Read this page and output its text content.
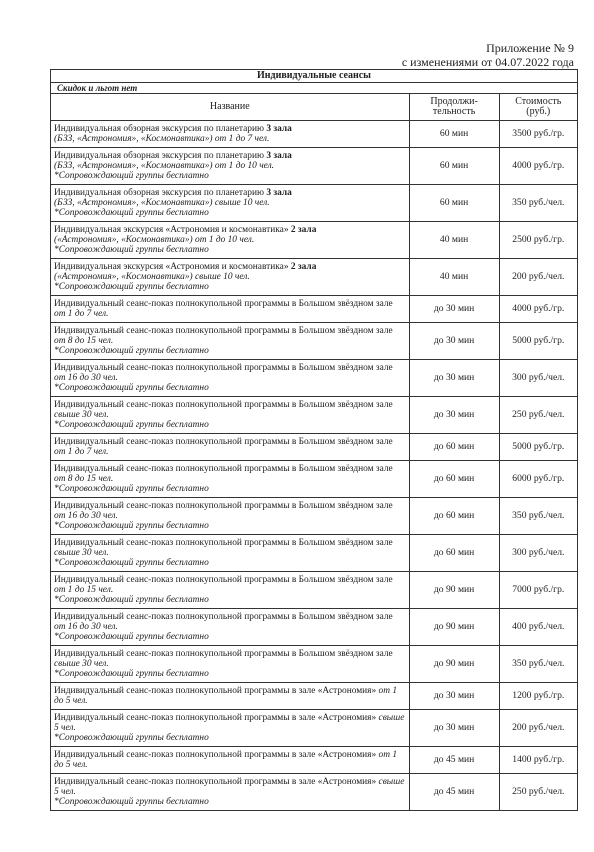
Приложение № 9
с изменениями от 04.07.2022 года
Индивидуальные сеансы		
Скидок и льгот нет		
Название	Продолжи-тельность	Стоимость (руб.)
Индивидуальная обзорная экскурсия по планетарию 3 зала
(БЗЗ, «Астрономия», «Космонавтика») от 1 до 7 чел.	60 мин	3500 руб./гр.
Индивидуальная обзорная экскурсия по планетарию 3 зала
(БЗЗ, «Астрономия», «Космонавтика») от 1 до 10 чел.
*Сопровождающий группы бесплатно	60 мин	4000 руб./гр.
Индивидуальная обзорная экскурсия по планетарию 3 зала
(БЗЗ, «Астрономия», «Космонавтика») свыше 10 чел.
*Сопровождающий группы бесплатно	60 мин	350 руб./чел.
Индивидуальная экскурсия «Астрономия и космонавтика» 2 зала
(«Астрономия», «Космонавтика») от 1 до 10 чел.
*Сопровождающий группы бесплатно	40 мин	2500 руб./гр.
Индивидуальная экскурсия «Астрономия и космонавтика» 2 зала
(«Астрономия», «Космонавтика») свыше 10 чел.
*Сопровождающий группы бесплатно	40 мин	200 руб./чел.
Индивидуальный сеанс-показ полнокупольной программы в Большом звёздном зале от 1 до 7 чел.	до 30 мин	4000 руб./гр.
Индивидуальный сеанс-показ полнокупольной программы в Большом звёздном зале от 8 до 15 чел.
*Сопровождающий группы бесплатно	до 30 мин	5000 руб./гр.
Индивидуальный сеанс-показ полнокупольной программы в Большом звёздном зале от 16 до 30 чел.
*Сопровождающий группы бесплатно	до 30 мин	300 руб./чел.
Индивидуальный сеанс-показ полнокупольной программы в Большом звёздном зале свыше 30 чел.
*Сопровождающий группы бесплатно	до 30 мин	250 руб./чел.
Индивидуальный сеанс-показ полнокупольной программы в Большом звёздном зале от 1 до 7 чел.	до 60 мин	5000 руб./гр.
Индивидуальный сеанс-показ полнокупольной программы в Большом звёздном зале от 8 до 15 чел.
*Сопровождающий группы бесплатно	до 60 мин	6000 руб./гр.
Индивидуальный сеанс-показ полнокупольной программы в Большом звёздном зале от 16 до 30 чел.
*Сопровождающий группы бесплатно	до 60 мин	350 руб./чел.
Индивидуальный сеанс-показ полнокупольной программы в Большом звёздном зале свыше 30 чел.
*Сопровождающий группы бесплатно	до 60 мин	300 руб./чел.
Индивидуальный сеанс-показ полнокупольной программы в Большом звёздном зале от 1 до 15 чел.
*Сопровождающий группы бесплатно	до 90 мин	7000 руб./гр.
Индивидуальный сеанс-показ полнокупольной программы в Большом звёздном зале от 16 до 30 чел.
*Сопровождающий группы бесплатно	до 90 мин	400 руб./чел.
Индивидуальный сеанс-показ полнокупольной программы в Большом звёздном зале свыше 30 чел.
*Сопровождающий группы бесплатно	до 90 мин	350 руб./чел.
Индивидуальный сеанс-показ полнокупольной программы в зале «Астрономия» от 1 до 5 чел.	до 30 мин	1200 руб./гр.
Индивидуальный сеанс-показ полнокупольной программы в зале «Астрономия» свыше 5 чел.
*Сопровождающий группы бесплатно	до 30 мин	200 руб./чел.
Индивидуальный сеанс-показ полнокупольной программы в зале «Астрономия» от 1 до 5 чел.	до 45 мин	1400 руб./гр.
Индивидуальный сеанс-показ полнокупольной программы в зале «Астрономия» свыше 5 чел.
*Сопровождающий группы бесплатно	до 45 мин	250 руб./чел.
